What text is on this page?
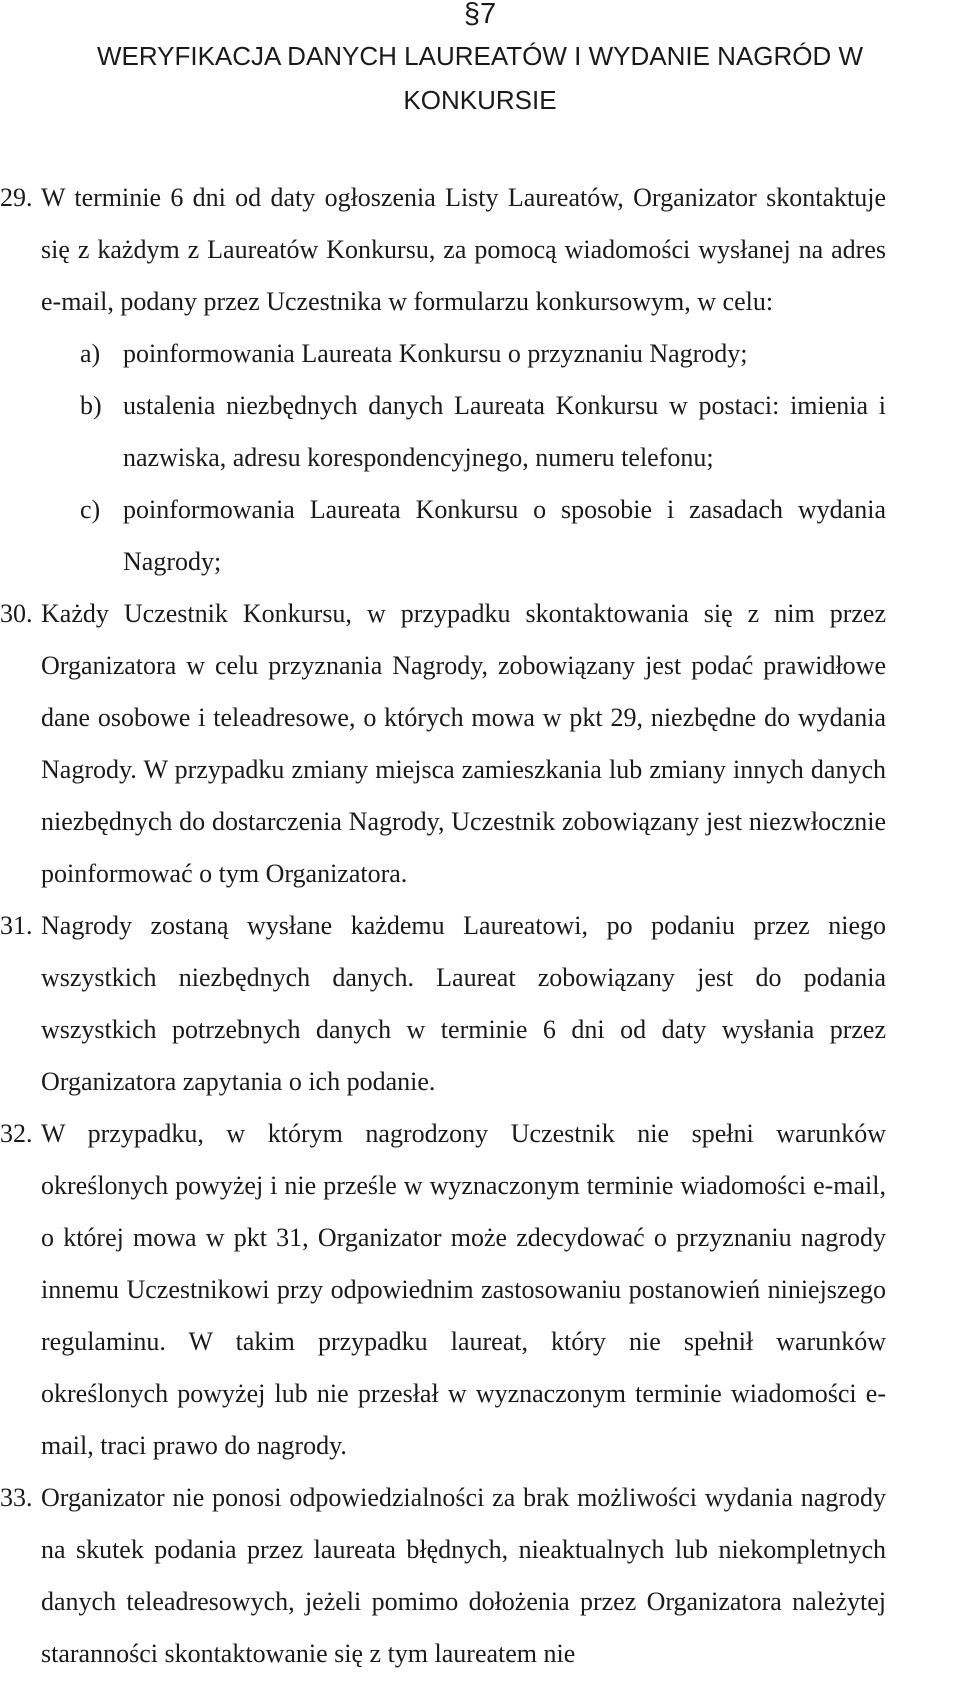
§7
WERYFIKACJA DANYCH LAUREATÓW I WYDANIE NAGRÓD W KONKURSIE
29. W terminie 6 dni od daty ogłoszenia Listy Laureatów, Organizator skontaktuje się z każdym z Laureatów Konkursu, za pomocą wiadomości wysłanej na adres e-mail, podany przez Uczestnika w formularzu konkursowym, w celu:
a) poinformowania Laureata Konkursu o przyznaniu Nagrody;
b) ustalenia niezbędnych danych Laureata Konkursu w postaci: imienia i nazwiska, adresu korespondencyjnego, numeru telefonu;
c) poinformowania Laureata Konkursu o sposobie i zasadach wydania Nagrody;
30. Każdy Uczestnik Konkursu, w przypadku skontaktowania się z nim przez Organizatora w celu przyznania Nagrody, zobowiązany jest podać prawidłowe dane osobowe i teleadresowe, o których mowa w pkt 29, niezbędne do wydania Nagrody. W przypadku zmiany miejsca zamieszkania lub zmiany innych danych niezbędnych do dostarczenia Nagrody, Uczestnik zobowiązany jest niezwłocznie poinformować o tym Organizatora.
31. Nagrody zostaną wysłane każdemu Laureatowi, po podaniu przez niego wszystkich niezbędnych danych. Laureat zobowiązany jest do podania wszystkich potrzebnych danych w terminie 6 dni od daty wysłania przez Organizatora zapytania o ich podanie.
32. W przypadku, w którym nagrodzony Uczestnik nie spełni warunków określonych powyżej i nie prześle w wyznaczonym terminie wiadomości e-mail, o której mowa w pkt 31, Organizator może zdecydować o przyznaniu nagrody innemu Uczestnikowi przy odpowiednim zastosowaniu postanowień niniejszego regulaminu. W takim przypadku laureat, który nie spełnił warunków określonych powyżej lub nie przesłał w wyznaczonym terminie wiadomości e-mail, traci prawo do nagrody.
33. Organizator nie ponosi odpowiedzialności za brak możliwości wydania nagrody na skutek podania przez laureata błędnych, nieaktualnych lub niekompletnych danych teleadresowych, jeżeli pomimo dołożenia przez Organizatora należytej staranności skontaktowanie się z tym laureatem nie
